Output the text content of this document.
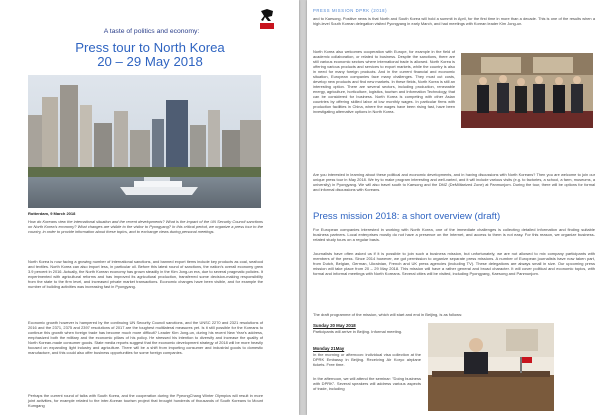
A taste of politics and economy:
Press tour to North Korea
20 – 29 May 2018
Rotterdam, 9 March 2018
How do Koreans view the international situation and the recent developments? What is the impact of the UN Security Council sanctions on North Korea's economy? What changes are visible to the visitor to Pyongyang? In this critical period, we organize a press tour to the country, in order to provide information about these topics, and to exchange views during personal meetings.
North Korea is now facing a growing number of international sanctions, and banned export items include key products as coal, seafood and textiles. North Korea can also import less, in particular oil. Before this latest round of sanctions, the nation's overall economy grew 3.9 percent in 2016. Actually, the North Korean economy has grown steadily in the Kim Jong-un era, due to several pragmatic policies. It experimented with agricultural reforms and has improved its agricultural production, transferred some decision-making responsibility from the state to the firm level, and increased private market transactions. Economic changes have been visible, and for example the number of building activities was increasing fast in Pyongyang.
Economic growth however is hampered by the continuing UN Security Council sanctions, and the UNSC 2270 and 2321 resolutions of 2016 and the 2371, 2375 and 2397 resolutions of 2017 are the toughest multilateral measures yet. Is it still possible for the Koreans to continue this growth when foreign trade has become much more difficult? Leader Kim Jong-un, during his recent New Year's address, emphasized both the military and the economic pillars of his policy. He stressed his intention to diversify and increase the quality of North Korean-made consumer goods. State media reports suggest that the economic development strategy of 2018 will be more heavily focused on expanding light industry and agriculture. There will be a shift from importing consumer and industrial goods to domestic manufacture, and this could also offer business opportunities for some foreign companies.
Perhaps the current round of talks with South Korea, and the cooperation during the PyeongChang Winter Olympics will result in more joint activities, for example related to the inter-Korean tourism project that brought hundreds of thousands of South Koreans to Mount Kumgang
PRESS MISSION DPRK (2018)
and to Kaesong. Positive news is that North and South Korea will hold a summit in April, for the first time in more than a decade. This is one of the results when a high-level South Korean delegation visited Pyongyang in early March, and had meetings with Korean leader Kim Jong-un.
North Korea also welcomes cooperation with Europe, for example in the field of academic collaboration, or related to business. Despite the sanctions, there are still various economic sectors where international trade is allowed. North Korea is offering various products and services to export markets, while the country is also in need for many foreign products. And in the current financial and economic situation, European companies face many challenges. They must cut costs, develop new products and find new markets. In these fields, North Korea is still an interesting option. There are several sectors, including production, renewable energy, agriculture, horticulture, logistics, tourism and Information Technology, that can be considered for business. North Korea is competing with other Asian countries by offering skilled labor at low monthly wages. In particular firms with production facilities in China, where the wages have been rising fast, have been investigating alternative options in North Korea.
Are you interested in learning about these political and economic developments, and in having discussions with North Koreans? Then you are welcome to join our unique press tour in May 2018. We try to make program interesting and well-varied, and it will include various visits (e.g. to factories, a school, a farm, museums, a university) in Pyongyang. We will also travel south to Kaesong and the DMZ (DeMilitarized Zone) at Panmunjom. During the tour, there will be options for formal and informal discussions with Koreans.
Press mission 2018: a short overview (draft)
For European companies interested in working with North Korea, one of the immediate challenges is collecting detailed information and finding suitable business partners. Local enterprises mostly do not have a presence on the Internet, and access to them is not easy. For this reason, we organize business-related study tours on a regular basis.
Journalists have often asked us if it is possible to join such a business mission, but unfortunately, we are not allowed to mix company participants with members of the press. Since 2014 however, we got permission to organize separate press missions. A number of European journalists have now taken part, from Dutch, Belgian, German, Ukrainian, French and UK press agencies (including TV). These delegations are always small in size. Our upcoming press mission will take place from 20 – 29 May 2018. This mission will have a rather general and broad character. It will cover political and economic topics, with formal and informal meetings with North Koreans. Several cities will be visited, including Pyongyang, Kaesong and Panmunjom.
The draft programme of the mission, which will start and end in Beijing, is as follows:
Sunday 20 May 2018
Participants will arrive in Beijing. Informal meeting.
Monday 21May
In the morning or afternoon: individual visa collection at the DPRK Embassy in Beijing. Receiving Air Koryo airplane tickets. Free time.
In the afternoon, we will attend the seminar: "Doing business with DPRK". Several speakers will address various aspects of trade, including
